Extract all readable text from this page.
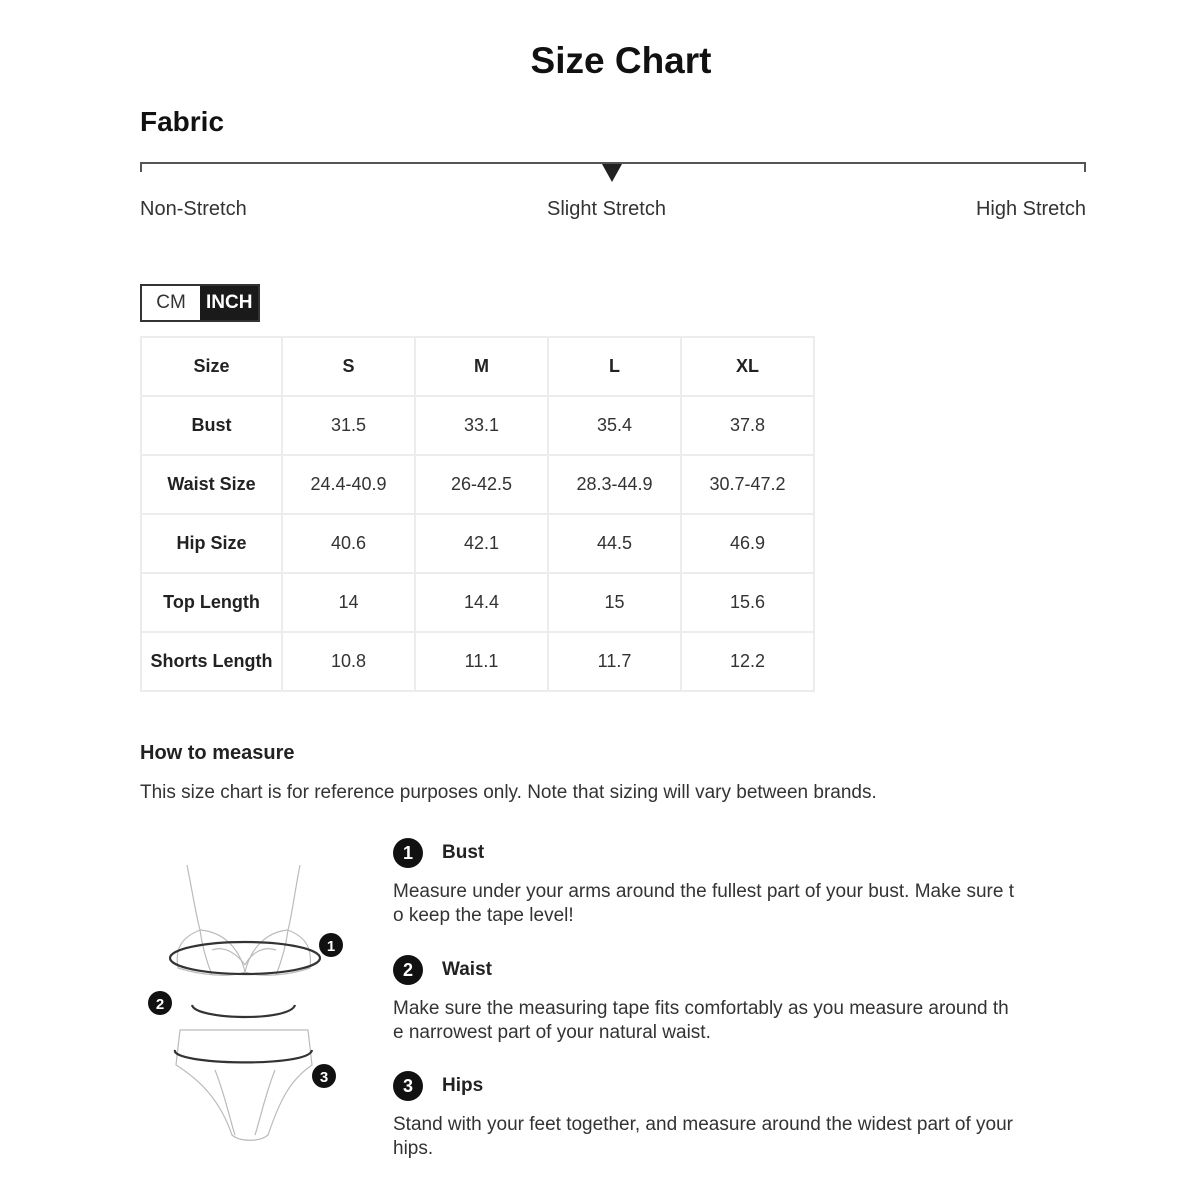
Size Chart
Fabric
Non-Stretch	Slight Stretch	High Stretch
CM	INCH
Size	S	M	L	XL
Bust	31.5	33.1	35.4	37.8
Waist Size	24.4-40.9	26-42.5	28.3-44.9	30.7-47.2
Hip Size	40.6	42.1	44.5	46.9
Top Length	14	14.4	15	15.6
Shorts Length	10.8	11.1	11.7	12.2
How to measure
This size chart is for reference purposes only. Note that sizing will vary between brands.
1
2
3
1	Bust
Measure under your arms around the fullest part of your bust. Make sure to keep the tape level!
2	Waist
Make sure the measuring tape fits comfortably as you measure around the narrowest part of your natural waist.
3	Hips
Stand with your feet together, and measure around the widest part of your hips.
